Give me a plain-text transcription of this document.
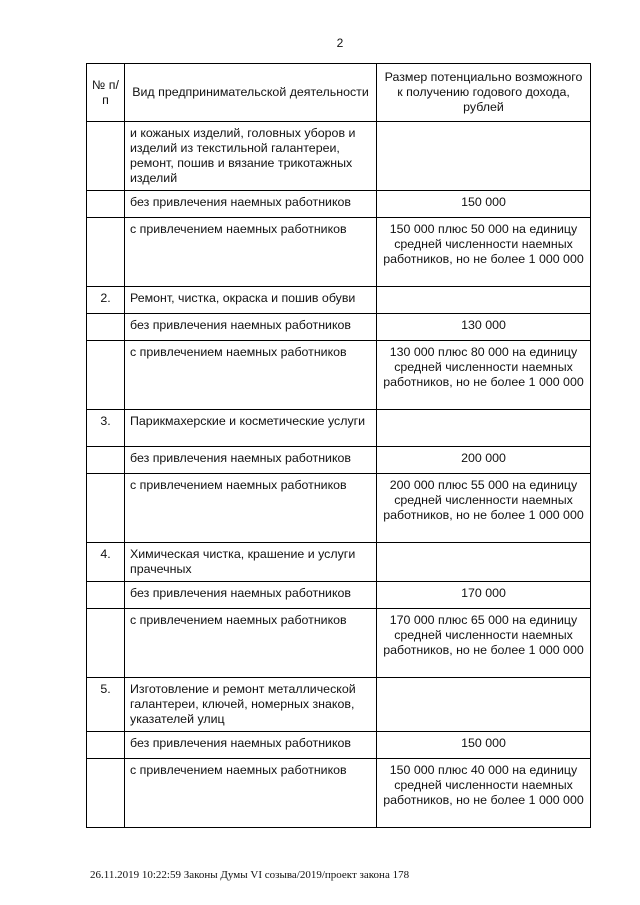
2
№ п/п	Вид предпринимательской деятельности	Размер потенциально возможного к получению годового дохода, рублей
	и кожаных изделий, головных уборов и изделий из текстильной галантереи, ремонт, пошив и вязание трикотажных изделий	
	без привлечения наемных работников	150 000
	с привлечением наемных работников	150 000 плюс 50 000 на единицу средней численности наемных работников, но не более 1 000 000
2.	Ремонт, чистка, окраска и пошив обуви	
	без привлечения наемных работников	130 000
	с привлечением наемных работников	130 000 плюс 80 000 на единицу средней численности наемных работников, но не более 1 000 000
3.	Парикмахерские и косметические услуги	
	без привлечения наемных работников	200 000
	с привлечением наемных работников	200 000 плюс 55 000 на единицу средней численности наемных работников, но не более 1 000 000
4.	Химическая чистка, крашение и услуги прачечных	
	без привлечения наемных работников	170 000
	с привлечением наемных работников	170 000 плюс 65 000 на единицу средней численности наемных работников, но не более 1 000 000
5.	Изготовление и ремонт металлической галантереи, ключей, номерных знаков, указателей улиц	
	без привлечения наемных работников	150 000
	с привлечением наемных работников	150 000 плюс 40 000 на единицу средней численности наемных работников, но не более 1 000 000
26.11.2019 10:22:59 Законы Думы VI созыва/2019/проект закона 178
